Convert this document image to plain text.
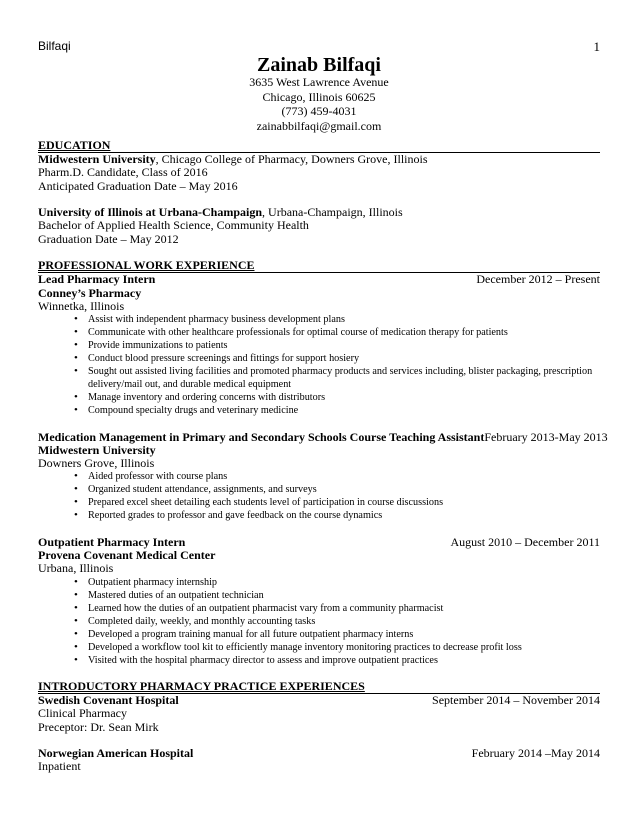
Bilfaqi	1
Zainab Bilfaqi
3635 West Lawrence Avenue
Chicago, Illinois 60625
(773) 459-4031
zainabbilfaqi@gmail.com

EDUCATION

Midwestern University, Chicago College of Pharmacy, Downers Grove, Illinois

Pharm.D. Candidate, Class of 2016

Anticipated Graduation Date – May 2016

University of Illinois at Urbana-Champaign, Urbana-Champaign, Illinois

Bachelor of Applied Health Science, Community Health

Graduation Date – May 2012

PROFESSIONAL WORK EXPERIENCE

Lead Pharmacy Intern	December 2012 – Present

Conney’s Pharmacy

Winnetka, Illinois

• Assist with independent pharmacy business development plans
• Communicate with other healthcare professionals for optimal course of medication therapy for patients
• Provide immunizations to patients
• Conduct blood pressure screenings and fittings for support hosiery
• Sought out assisted living facilities and promoted pharmacy products and services including, blister packaging, prescription delivery/mail out, and durable medical equipment
• Manage inventory and ordering concerns with distributors
• Compound specialty drugs and veterinary medicine
Medication Management in Primary and Secondary Schools Course Teaching Assistant February 2013-May 2013

Midwestern University

Downers Grove, Illinois

• Aided professor with course plans
• Organized student attendance, assignments, and surveys
• Prepared excel sheet detailing each students level of participation in course discussions
• Reported grades to professor and gave feedback on the course dynamics
Outpatient Pharmacy Intern	August 2010 – December 2011

Provena Covenant Medical Center

Urbana, Illinois

• Outpatient pharmacy internship
• Mastered duties of an outpatient technician
• Learned how the duties of an outpatient pharmacist vary from a community pharmacist
• Completed daily, weekly, and monthly accounting tasks
• Developed a program training manual for all future outpatient pharmacy interns
• Developed a workflow tool kit to efficiently manage inventory monitoring practices to decrease profit loss
• Visited with the hospital pharmacy director to assess and improve outpatient practices

INTRODUCTORY PHARMACY PRACTICE EXPERIENCES

Swedish Covenant Hospital	September 2014 – November 2014

Clinical Pharmacy

Preceptor: Dr. Sean Mirk

Norwegian American Hospital	February 2014 –May 2014

Inpatient
